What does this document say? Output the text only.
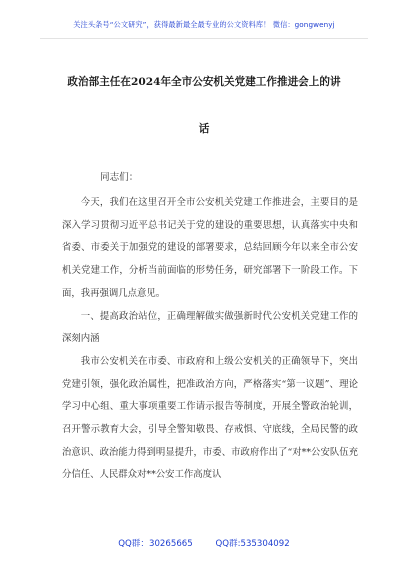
关注头条号“公文研究”，获得最新最全最专业的公文资料库！ 微信：gongwenyj
政治部主任在2024年全市公安机关党建工作推进会上的讲
话
同志们：

今天，我们在这里召开全市公安机关党建工作推进会，主要目的是深入学习贯彻习近平总书记关于党的建设的重要思想，认真落实中央和省委、市委关于加强党的建设的部署要求，总结回顾今年以来全市公安机关党建工作，分析当前面临的形势任务，研究部署下一阶段工作。下面，我再强调几点意见。

一、提高政治站位，正确理解做实做强新时代公安机关党建工作的深刻内涵

我市公安机关在市委、市政府和上级公安机关的正确领导下，突出党建引领，强化政治属性，把准政治方向，严格落实“第一议题”、理论学习中心组、重大事项重要工作请示报告等制度，开展全警政治轮训，召开警示教育大会，引导全警知敬畏、存戒惧、守底线，全局民警的政治意识、政治能力得到明显提升，市委、市政府作出了“对**公安队伍充分信任、人民群众对**公安工作高度认

QQ群：30265665	QQ群:535304092
